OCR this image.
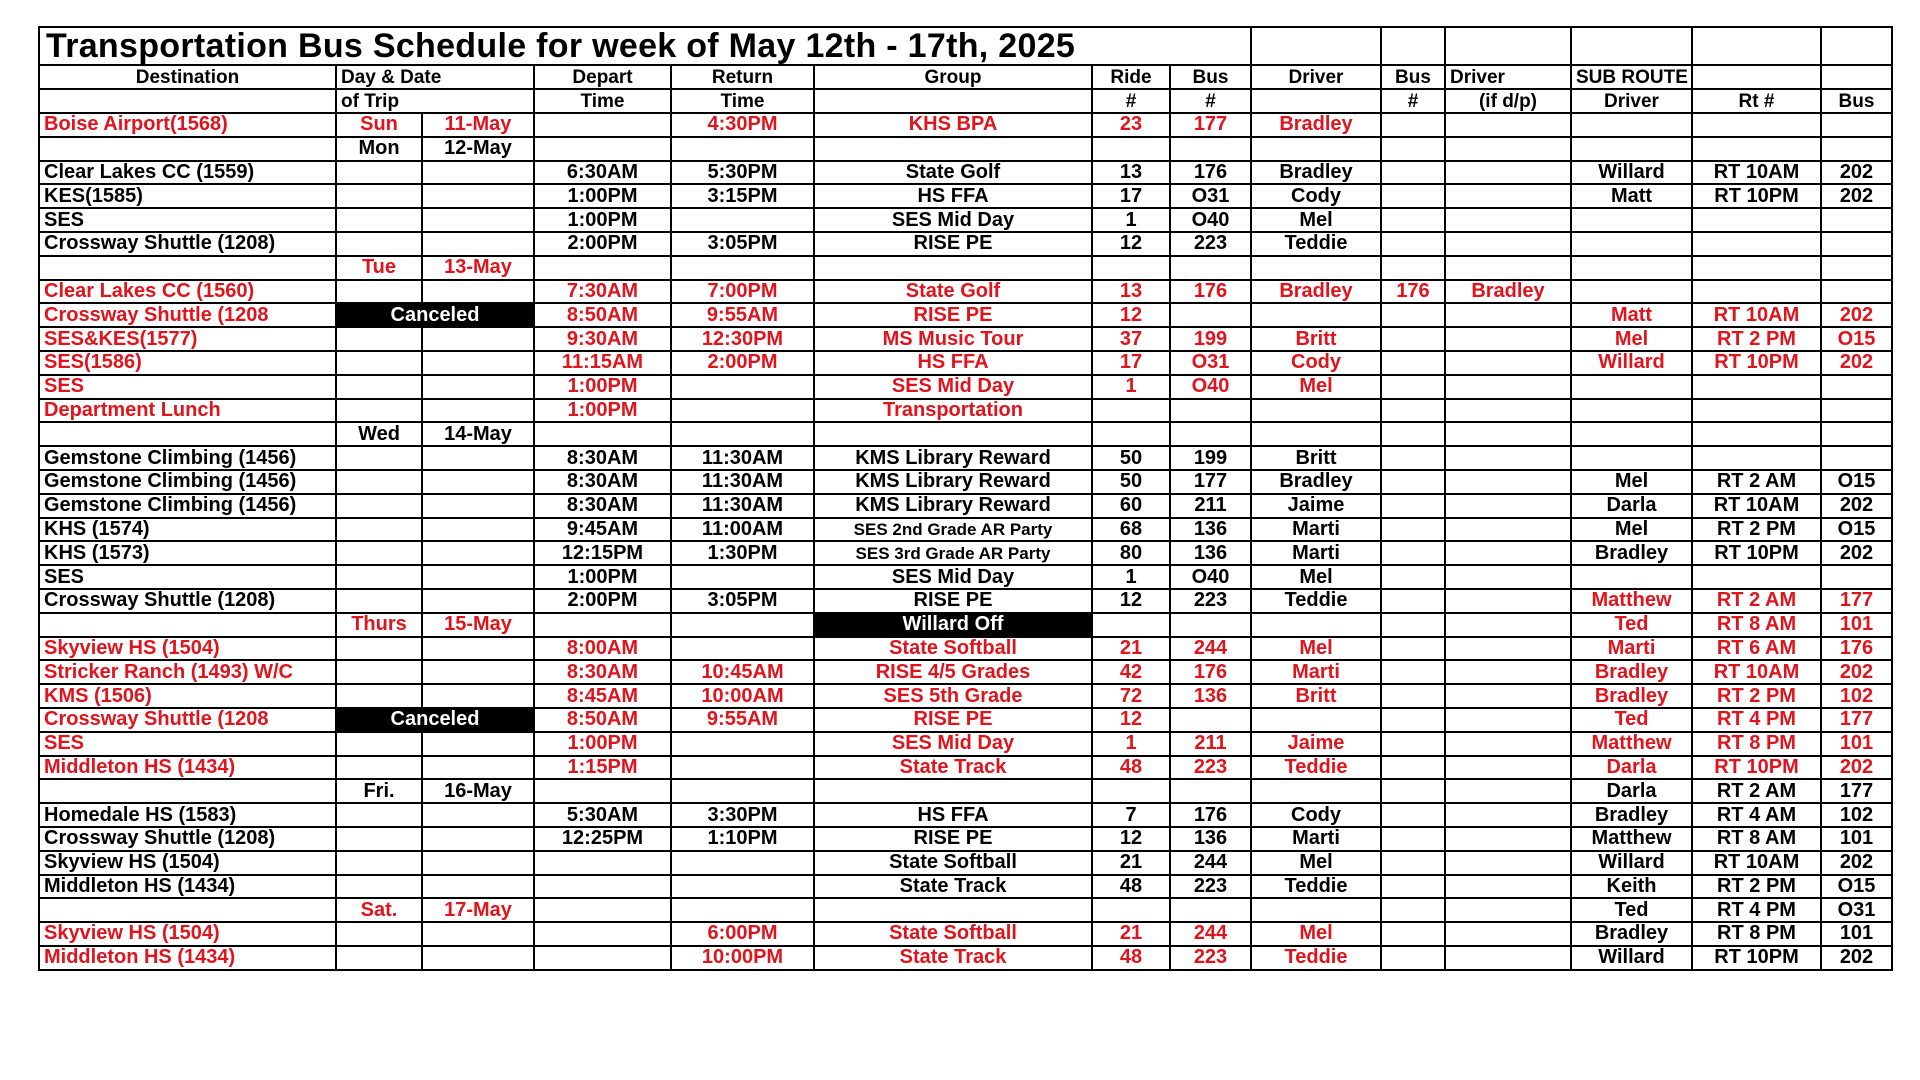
Transportation Bus Schedule for week of May 12th - 17th, 2025													
Destination	Day & Date		Depart	Return	Group	Ride	Bus	Driver	Bus	Driver	SUB ROUTE		
	of Trip		Time	Time		#	#		#	(if d/p)	Driver	Rt #	Bus
Boise Airport(1568)	Sun	11-May		4:30PM	KHS BPA	23	177	Bradley					
	Mon	12-May											
Clear Lakes CC (1559)			6:30AM	5:30PM	State Golf	13	176	Bradley			Willard	RT 10AM	202
KES(1585)			1:00PM	3:15PM	HS FFA	17	O31	Cody			Matt	RT 10PM	202
SES			1:00PM		SES Mid Day	1	O40	Mel					
Crossway Shuttle (1208)			2:00PM	3:05PM	RISE PE	12	223	Teddie					
	Tue	13-May											
Clear Lakes CC (1560)			7:30AM	7:00PM	State Golf	13	176	Bradley	176	Bradley			
Crossway Shuttle (1208	Canceled		8:50AM	9:55AM	RISE PE	12					Matt	RT 10AM	202
SES&KES(1577)			9:30AM	12:30PM	MS Music Tour	37	199	Britt			Mel	RT 2 PM	O15
SES(1586)			11:15AM	2:00PM	HS FFA	17	O31	Cody			Willard	RT 10PM	202
SES			1:00PM		SES Mid Day	1	O40	Mel					
Department Lunch			1:00PM		Transportation								
	Wed	14-May											
Gemstone Climbing (1456)			8:30AM	11:30AM	KMS Library Reward	50	199	Britt					
Gemstone Climbing (1456)			8:30AM	11:30AM	KMS Library Reward	50	177	Bradley			Mel	RT 2 AM	O15
Gemstone Climbing (1456)			8:30AM	11:30AM	KMS Library Reward	60	211	Jaime			Darla	RT 10AM	202
KHS (1574)			9:45AM	11:00AM	SES 2nd Grade AR Party	68	136	Marti			Mel	RT 2 PM	O15
KHS (1573)			12:15PM	1:30PM	SES 3rd Grade AR Party	80	136	Marti			Bradley	RT 10PM	202
SES			1:00PM		SES Mid Day	1	O40	Mel					
Crossway Shuttle (1208)			2:00PM	3:05PM	RISE PE	12	223	Teddie			Matthew	RT 2 AM	177
	Thurs	15-May			Willard Off						Ted	RT 8 AM	101
Skyview HS (1504)			8:00AM		State Softball	21	244	Mel			Marti	RT 6 AM	176
Stricker Ranch (1493) W/C			8:30AM	10:45AM	RISE 4/5 Grades	42	176	Marti			Bradley	RT 10AM	202
KMS (1506)			8:45AM	10:00AM	SES 5th Grade	72	136	Britt			Bradley	RT 2 PM	102
Crossway Shuttle (1208	Canceled		8:50AM	9:55AM	RISE PE	12					Ted	RT 4 PM	177
SES			1:00PM		SES Mid Day	1	211	Jaime			Matthew	RT 8 PM	101
Middleton HS (1434)			1:15PM		State Track	48	223	Teddie			Darla	RT 10PM	202
	Fri.	16-May									Darla	RT 2 AM	177
Homedale HS (1583)			5:30AM	3:30PM	HS FFA	7	176	Cody			Bradley	RT 4 AM	102
Crossway Shuttle (1208)			12:25PM	1:10PM	RISE PE	12	136	Marti			Matthew	RT 8 AM	101
Skyview HS (1504)					State Softball	21	244	Mel			Willard	RT 10AM	202
Middleton HS (1434)					State Track	48	223	Teddie			Keith	RT 2 PM	O15
	Sat.	17-May									Ted	RT 4 PM	O31
Skyview HS (1504)				6:00PM	State Softball	21	244	Mel			Bradley	RT 8 PM	101
Middleton HS (1434)				10:00PM	State Track	48	223	Teddie			Willard	RT 10PM	202
